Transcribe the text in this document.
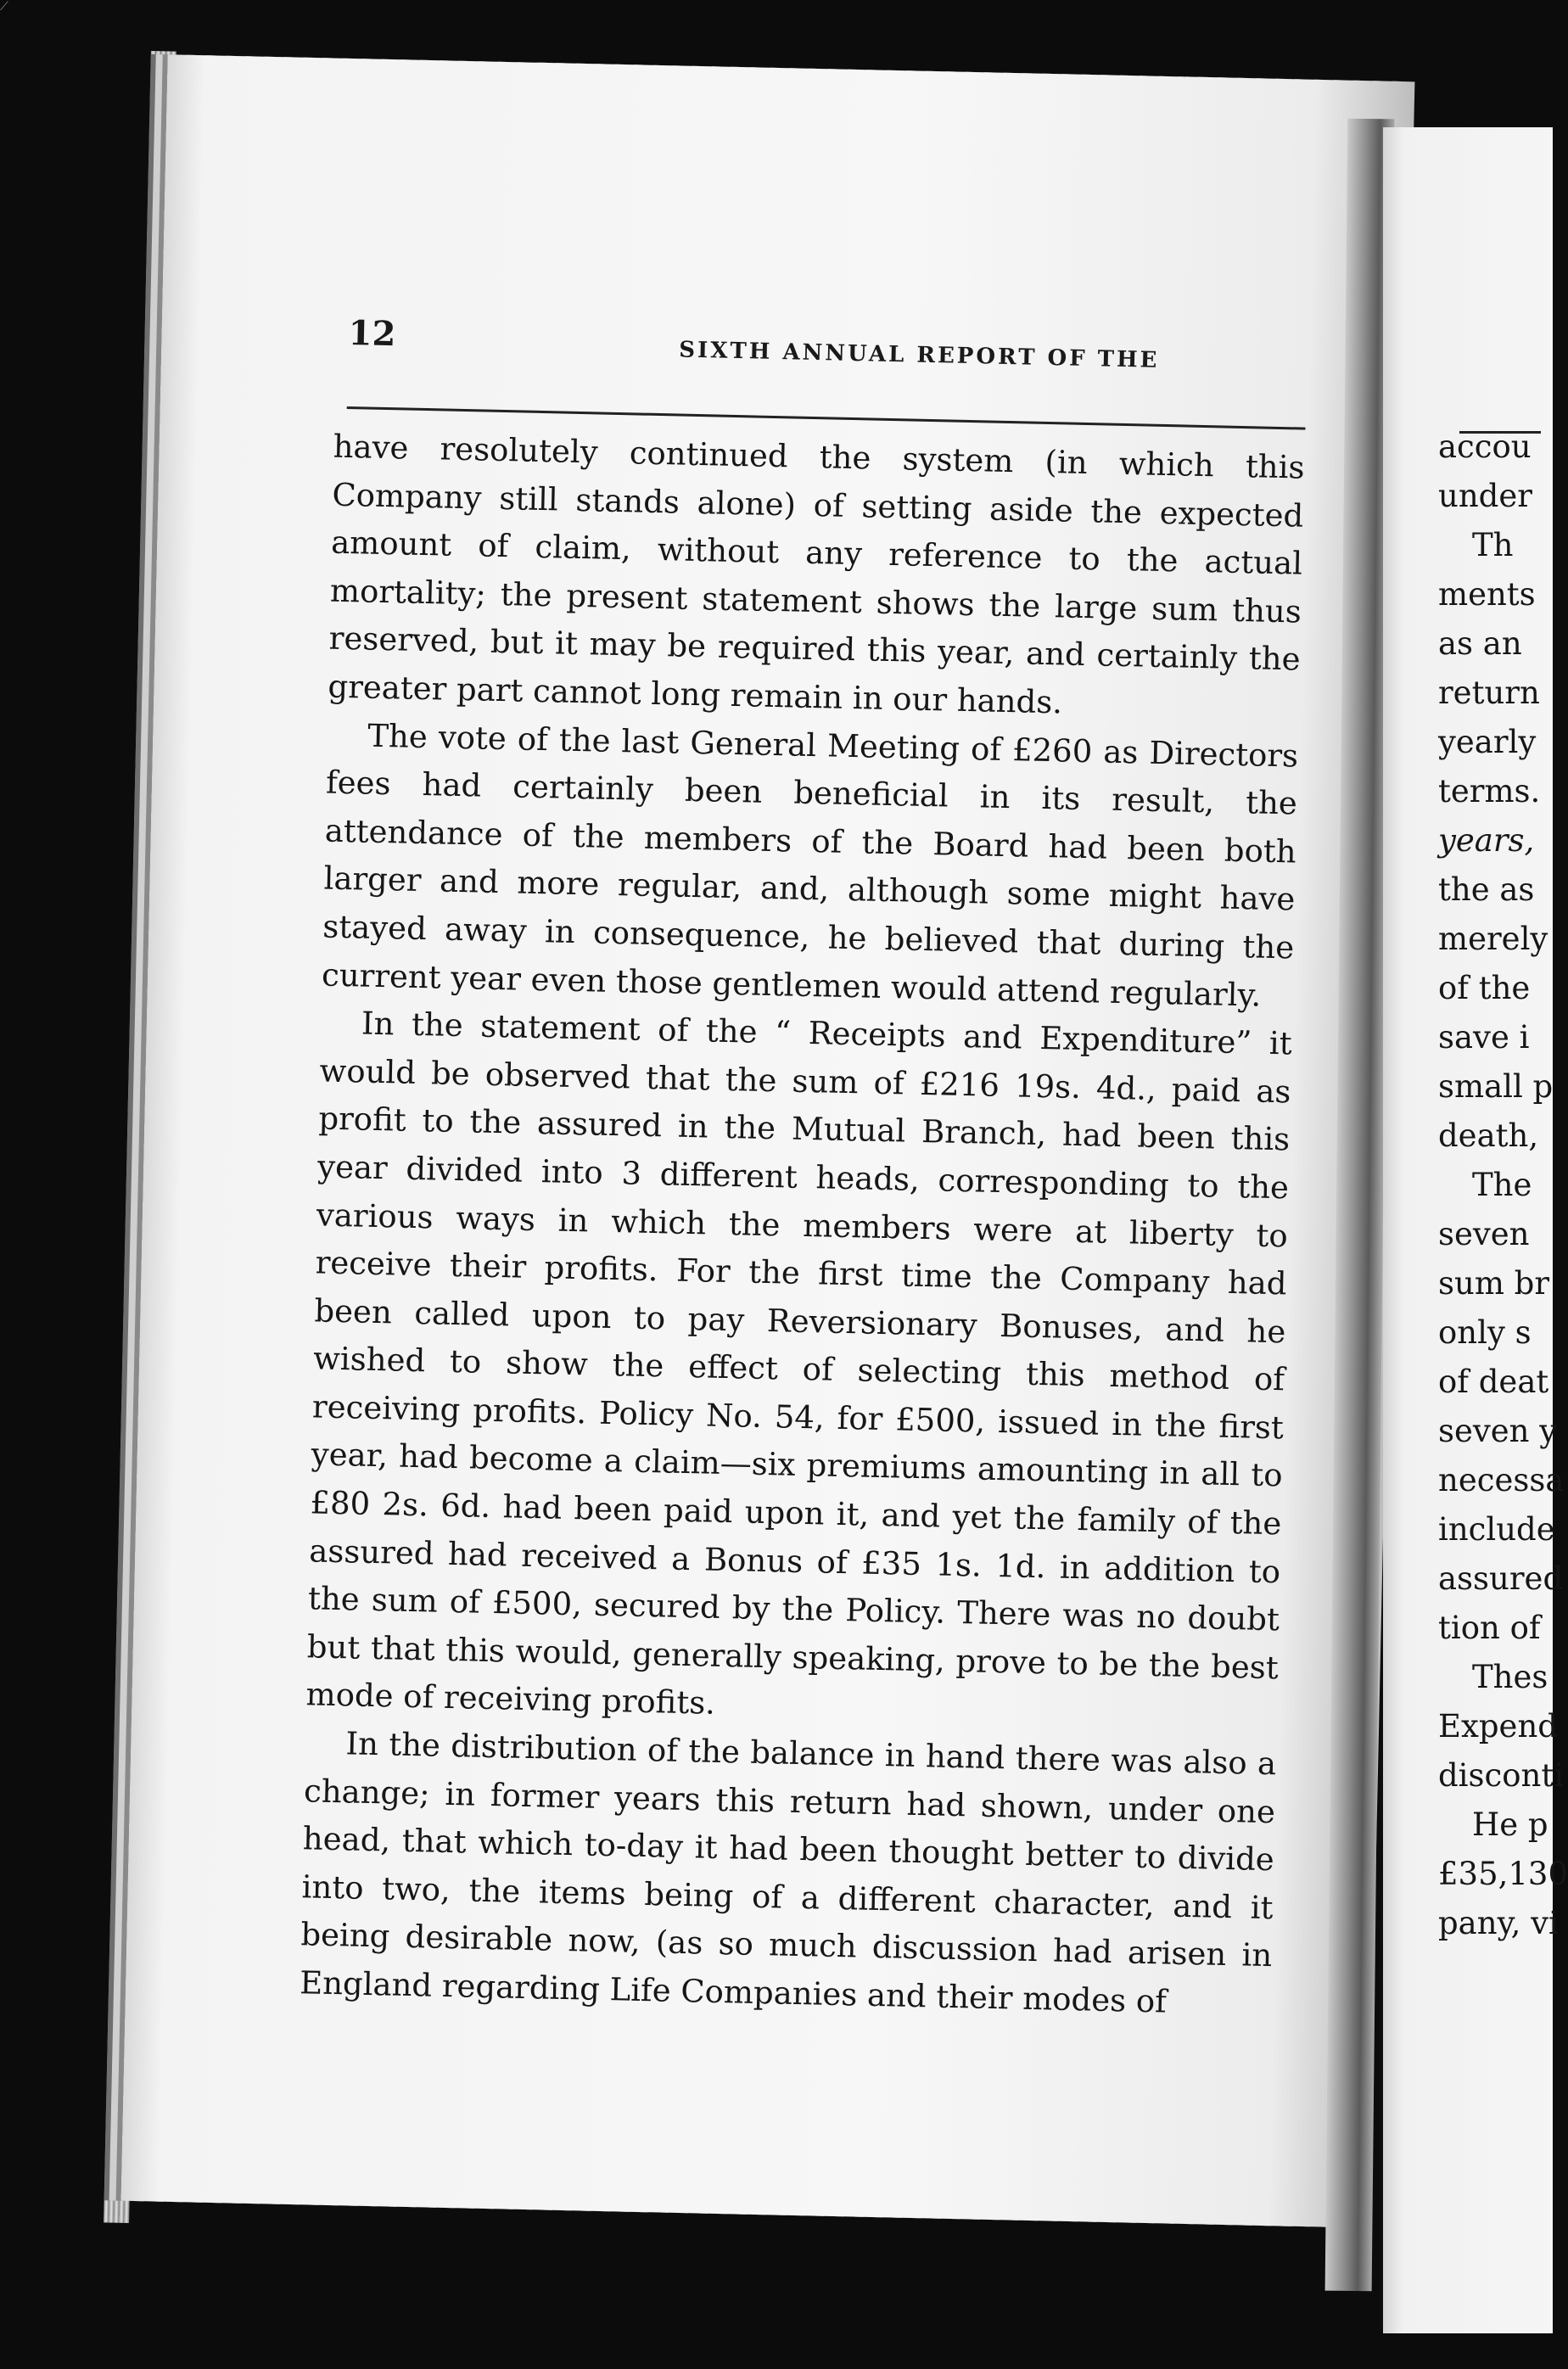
⟋
12
SIXTH ANNUAL REPORT OF THE

have resolutely continued the system (in which this Company still stands alone) of setting aside the expected amount of claim, without any reference to the actual mortality; the present statement shows the large sum thus reserved, but it may be required this year, and certainly the greater part cannot long remain in our hands.

The vote of the last General Meeting of £260 as Directors fees had certainly been beneficial in its result, the attendance of the members of the Board had been both larger and more regular, and, although some might have stayed away in consequence, he believed that during the current year even those gentlemen would attend regularly.

In the statement of the “ Receipts and Expenditure” it would be observed that the sum of £216 19s. 4d., paid as profit to the assured in the Mutual Branch, had been this year divided into 3 different heads, corresponding to the various ways in which the members were at liberty to receive their profits. For the first time the Company had been called upon to pay Reversionary Bonuses, and he wished to show the effect of selecting this method of receiving profits. Policy No. 54, for £500, issued in the first year, had become a claim—six premiums amounting in all to £80 2s. 6d. had been paid upon it, and yet the family of the assured had received a Bonus of £35 1s. 1d. in addition to the sum of £500, secured by the Policy. There was no doubt but that this would, generally speaking, prove to be the best mode of receiving profits.

In the distribution of the balance in hand there was also a change; in former years this return had shown, under one head, that which to-day it had been thought better to divide into two, the items being of a different character, and it being desirable now, (as so much discussion had arisen in England regarding Life Companies and their modes of

accou
under
Th
ments
as an
return
yearly
terms.
years,
the as
merely
of the
save i
small p
death,
The
seven
sum br
only s
of deat
seven y
necessa
include
assured
tion of
Thes
Expend
disconti
He p
£35,130
pany, vi
